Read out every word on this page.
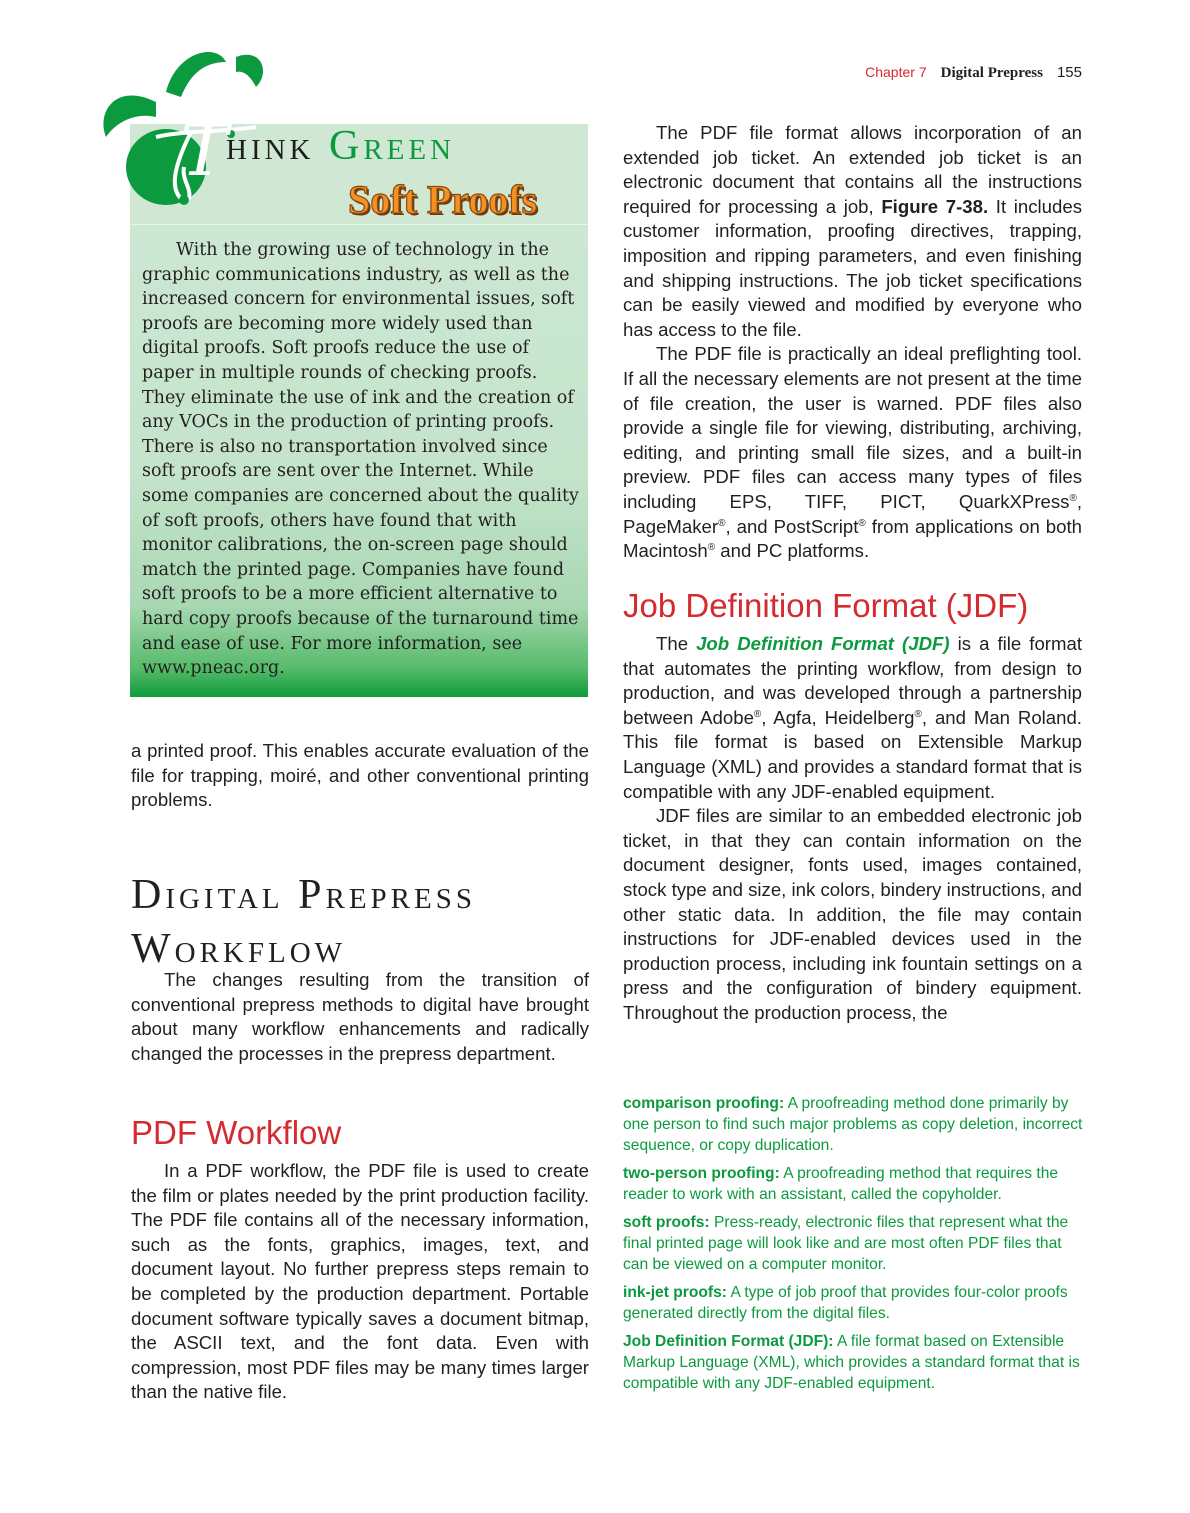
Chapter 7 Digital Prepress 155
T
hink Green
Soft Proofs
With the growing use of technology in the graphic communications industry, as well as the increased concern for environmental issues, soft proofs are becoming more widely used than digital proofs. Soft proofs reduce the use of paper in multiple rounds of checking proofs. They eliminate the use of ink and the creation of any VOCs in the production of printing proofs. There is also no transportation involved since soft proofs are sent over the Internet. While some companies are concerned about the quality of soft proofs, others have found that with monitor calibrations, the on-screen page should match the printed page. Companies have found soft proofs to be a more efficient alternative to hard copy proofs because of the turnaround time and ease of use. For more information, see www.pneac.org.

a printed proof. This enables accurate evaluation of the file for trapping, moiré, and other conventional printing problems.

Digital Prepress
Workflow

The changes resulting from the transition of conventional prepress methods to digital have brought about many workflow enhancements and radically changed the processes in the prepress department.

PDF Workflow

In a PDF workflow, the PDF file is used to create the film or plates needed by the print production facility. The PDF file contains all of the necessary information, such as the fonts, graphics, images, text, and document layout. No further prepress steps remain to be completed by the production department. Portable document software typically saves a document bitmap, the ASCII text, and the font data. Even with compression, most PDF files may be many times larger than the native file.

The PDF file format allows incorporation of an extended job ticket. An extended job ticket is an electronic document that contains all the instructions required for processing a job, Figure 7-38. It includes customer information, proofing directives, trapping, imposition and ripping parameters, and even finishing and shipping instructions. The job ticket specifications can be easily viewed and modified by everyone who has access to the file.

The PDF file is practically an ideal preflighting tool. If all the necessary elements are not present at the time of file creation, the user is warned. PDF files also provide a single file for viewing, distributing, archiving, editing, and printing small file sizes, and a built-in preview. PDF files can access many types of files including EPS, TIFF, PICT, QuarkXPress®, PageMaker®, and PostScript® from applications on both Macintosh® and PC platforms.

Job Definition Format (JDF)

The Job Definition Format (JDF) is a file format that automates the printing workflow, from design to production, and was developed through a partnership between Adobe®, Agfa, Heidelberg®, and Man Roland. This file format is based on Extensible Markup Language (XML) and provides a standard format that is compatible with any JDF-enabled equipment.

JDF files are similar to an embedded electronic job ticket, in that they can contain information on the document designer, fonts used, images contained, stock type and size, ink colors, bindery instructions, and other static data. In addition, the file may contain instructions for JDF-enabled devices used in the production process, including ink fountain settings on a press and the configuration of bindery equipment. Throughout the production process, the

comparison proofing: A proofreading method done primarily by one person to find such major problems as copy deletion, incorrect sequence, or copy duplication.

two-person proofing: A proofreading method that requires the reader to work with an assistant, called the copyholder.

soft proofs: Press-ready, electronic files that represent what the final printed page will look like and are most often PDF files that can be viewed on a computer monitor.

ink-jet proofs: A type of job proof that provides four-color proofs generated directly from the digital files.

Job Definition Format (JDF): A file format based on Extensible Markup Language (XML), which provides a standard format that is compatible with any JDF-enabled equipment.
